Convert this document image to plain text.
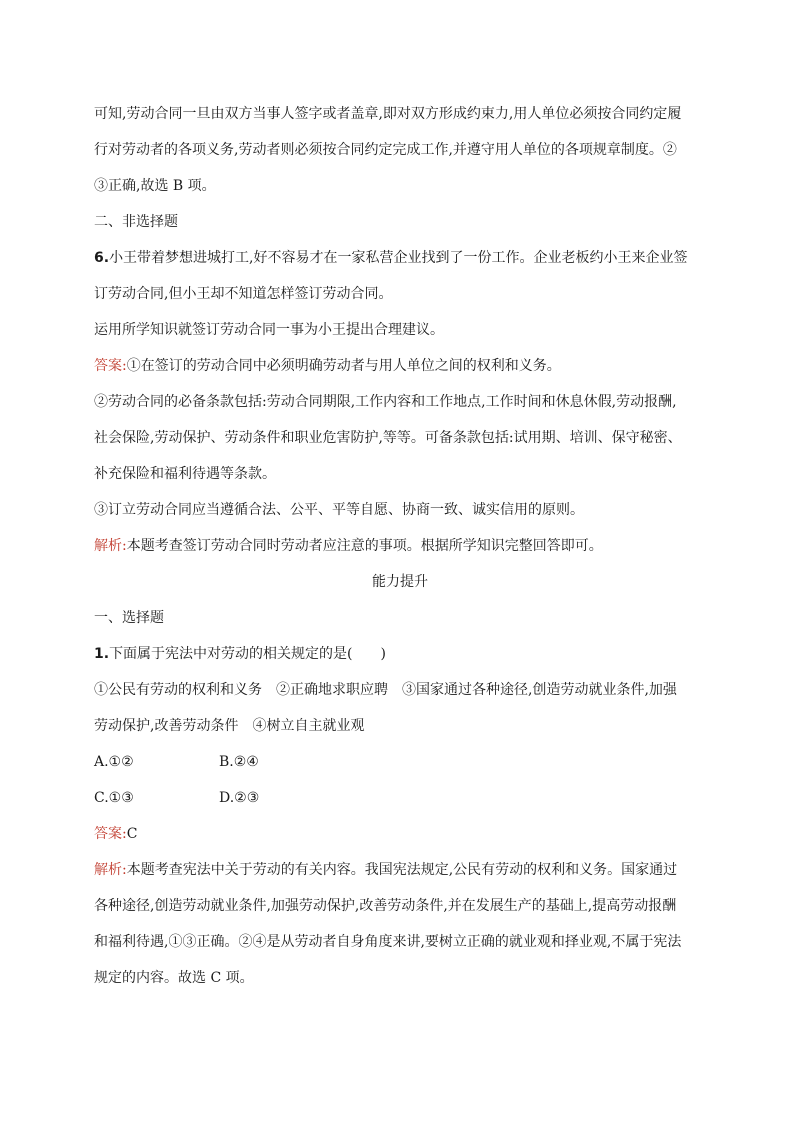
可知,劳动合同一旦由双方当事人签字或者盖章,即对双方形成约束力,用人单位必须按合同约定履
行对劳动者的各项义务,劳动者则必须按合同约定完成工作,并遵守用人单位的各项规章制度。②
③正确,故选 B 项。
二、非选择题
6.小王带着梦想进城打工,好不容易才在一家私营企业找到了一份工作。企业老板约小王来企业签
订劳动合同,但小王却不知道怎样签订劳动合同。
运用所学知识就签订劳动合同一事为小王提出合理建议。
答案:①在签订的劳动合同中必须明确劳动者与用人单位之间的权利和义务。
②劳动合同的必备条款包括:劳动合同期限,工作内容和工作地点,工作时间和休息休假,劳动报酬,
社会保险,劳动保护、劳动条件和职业危害防护,等等。可备条款包括:试用期、培训、保守秘密、
补充保险和福利待遇等条款。
③订立劳动合同应当遵循合法、公平、平等自愿、协商一致、诚实信用的原则。
解析:本题考查签订劳动合同时劳动者应注意的事项。根据所学知识完整回答即可。
能力提升
一、选择题
1.下面属于宪法中对劳动的相关规定的是(　　)
①公民有劳动的权利和义务　②正确地求职应聘　③国家通过各种途径,创造劳动就业条件,加强
劳动保护,改善劳动条件　④树立自主就业观
A.①②	B.②④
C.①③	D.②③
答案:C
解析:本题考查宪法中关于劳动的有关内容。我国宪法规定,公民有劳动的权利和义务。国家通过
各种途径,创造劳动就业条件,加强劳动保护,改善劳动条件,并在发展生产的基础上,提高劳动报酬
和福利待遇,①③正确。②④是从劳动者自身角度来讲,要树立正确的就业观和择业观,不属于宪法
规定的内容。故选 C 项。
